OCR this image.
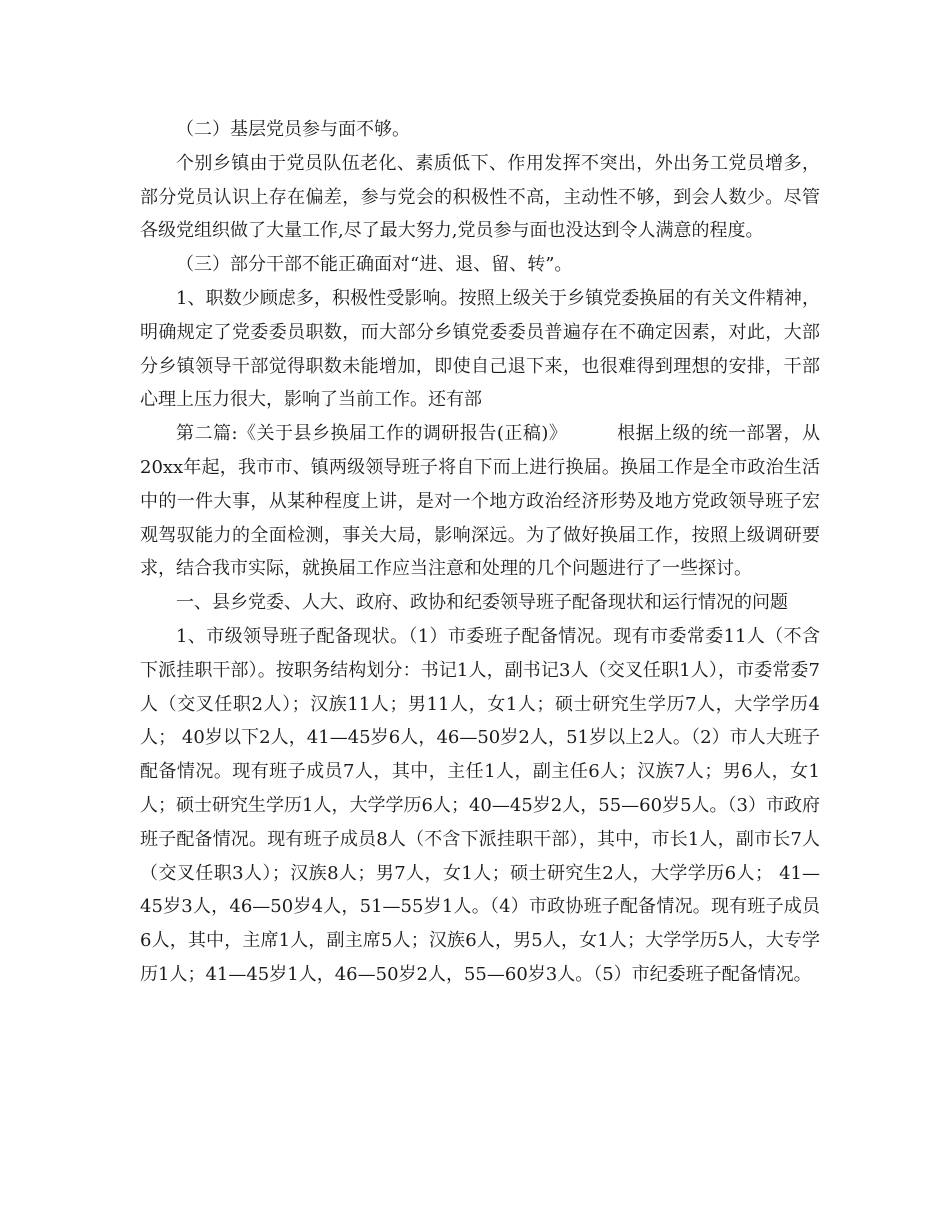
（二）基层党员参与面不够。

个别乡镇由于党员队伍老化、素质低下、作用发挥不突出，外出务工党员增多，部分党员认识上存在偏差，参与党会的积极性不高，主动性不够，到会人数少。尽管各级党组织做了大量工作,尽了最大努力,党员参与面也没达到令人满意的程度。

（三）部分干部不能正确面对“进、退、留、转”。

1、职数少顾虑多，积极性受影响。按照上级关于乡镇党委换届的有关文件精神，明确规定了党委委员职数，而大部分乡镇党委委员普遍存在不确定因素，对此，大部分乡镇领导干部觉得职数未能增加，即使自己退下来，也很难得到理想的安排，干部心理上压力很大，影响了当前工作。还有部

第二篇:《关于县乡换届工作的调研报告(正稿)》        根据上级的统一部署，从20xx年起，我市市、镇两级领导班子将自下而上进行换届。换届工作是全市政治生活中的一件大事，从某种程度上讲，是对一个地方政治经济形势及地方党政领导班子宏观驾驭能力的全面检测，事关大局，影响深远。为了做好换届工作，按照上级调研要求，结合我市实际，就换届工作应当注意和处理的几个问题进行了一些探讨。

一、县乡党委、人大、政府、政协和纪委领导班子配备现状和运行情况的问题

1、市级领导班子配备现状。（1）市委班子配备情况。现有市委常委11人（不含下派挂职干部）。按职务结构划分：书记1人，副书记3人（交叉任职1人），市委常委7人（交叉任职2人）；汉族11人；男11人，女1人；硕士研究生学历7人，大学学历4人； 40岁以下2人，41—45岁6人，46—50岁2人，51岁以上2人。（2）市人大班子配备情况。现有班子成员7人，其中，主任1人，副主任6人；汉族7人；男6人，女1人；硕士研究生学历1人，大学学历6人；40—45岁2人，55—60岁5人。（3）市政府班子配备情况。现有班子成员8人（不含下派挂职干部），其中，市长1人，副市长7人（交叉任职3人）；汉族8人；男7人，女1人；硕士研究生2人，大学学历6人； 41—45岁3人，46—50岁4人，51—55岁1人。（4）市政协班子配备情况。现有班子成员6人，其中，主席1人，副主席5人；汉族6人，男5人，女1人；大学学历5人，大专学历1人；41—45岁1人，46—50岁2人，55—60岁3人。（5）市纪委班子配备情况。
